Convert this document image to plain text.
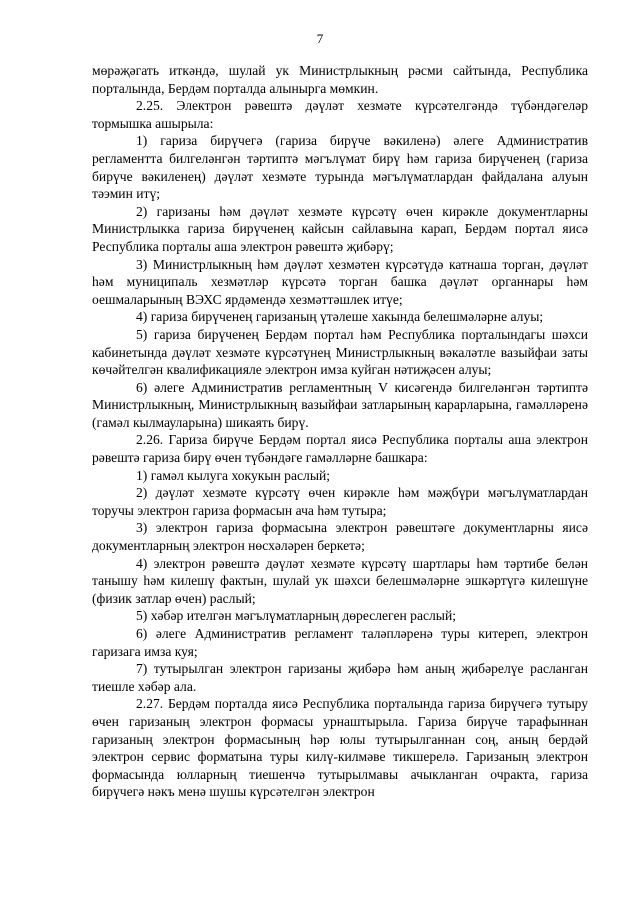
7

мөрәҗәгать иткәндә, шулай ук Министрлыкның рәсми сайтында, Республика порталында, Бердәм порталда алынырга мөмкин.

2.25. Электрон рәвештә дәүләт хезмәте күрсәтелгәндә түбәндәгеләр тормышка ашырыла:

1) гариза бирүчегә (гариза бирүче вәкиленә) әлеге Административ регламентта билгеләнгән тәртиптә мәгълүмат бирү һәм гариза бирүченең (гариза бирүче вәкиленең) дәүләт хезмәте турында мәгълүматлардан файдалана алуын тәэмин итү;

2) гаризаны һәм дәүләт хезмәте күрсәтү өчен кирәкле документларны Министрлыкка гариза бирүченең кайсын сайлавына карап, Бердәм портал яисә Республика порталы аша электрон рәвештә җибәрү;

3) Министрлыкның һәм дәүләт хезмәтен күрсәтүдә катнаша торган, дәүләт һәм муниципаль хезмәтләр күрсәтә торган башка дәүләт органнары һәм оешмаларының ВЭХС ярдәмендә хезмәттәшлек итүе;

4) гариза бирүченең гаризаның үтәлеше хакында белешмәләрне алуы;

5) гариза бирүченең Бердәм портал һәм Республика порталындагы шәхси кабинетында дәүләт хезмәте күрсәтүнең Министрлыкның вәкаләтле вазыйфаи заты көчәйтелгән квалификацияле электрон имза куйган нәтиҗәсен алуы;

6) әлеге Административ регламентның V кисәгендә билгеләнгән тәртиптә Министрлыкның, Министрлыкның вазыйфаи затларының карарларына, гамәлләренә (гамәл кылмауларына) шикаять бирү.

2.26. Гариза бирүче Бердәм портал яисә Республика порталы аша электрон рәвештә гариза бирү өчен түбәндәге гамәлләрне башкара:

1) гамәл кылуга хокукын раслый;

2) дәүләт хезмәте күрсәтү өчен кирәкле һәм мәҗбүри мәгълүматлардан торучы электрон гариза формасын ача һәм тутыра;

3) электрон гариза формасына электрон рәвештәге документларны яисә документларның электрон нөсхәләрен беркетә;

4) электрон рәвештә дәүләт хезмәте күрсәтү шартлары һәм тәртибе белән танышу һәм килешү фактын, шулай ук шәхси белешмәләрне эшкәртүгә килешүне (физик затлар өчен) раслый;

5) хәбәр ителгән мәгълүматларның дөреслеген раслый;

6) әлеге Административ регламент таләпләренә туры китереп, электрон гаризага имза куя;

7) тутырылган электрон гаризаны җибәрә һәм аның җибәрелүе расланган тиешле хәбәр ала.

2.27. Бердәм порталда яисә Республика порталында гариза бирүчегә тутыру өчен гаризаның электрон формасы урнаштырыла. Гариза бирүче тарафыннан гаризаның электрон формасының һәр юлы тутырылганнан соң, аның бердәй электрон сервис форматына туры килү-килмәве тикшерелә. Гаризаның электрон формасында юлларның тиешенчә тутырылмавы ачыкланган очракта, гариза бирүчегә нәкъ менә шушы күрсәтелгән электрон
